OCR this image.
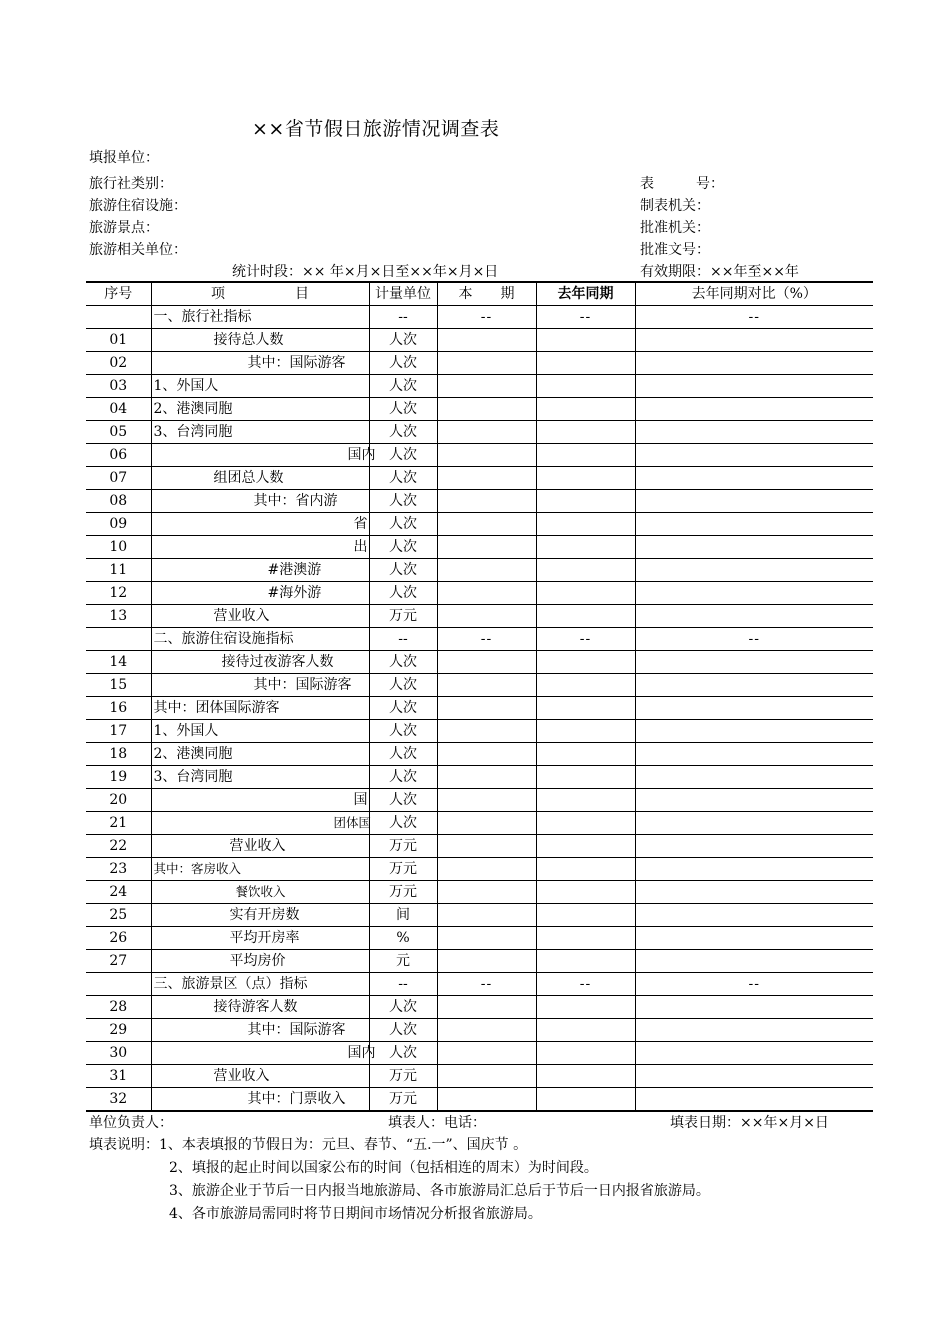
××省节假日旅游情况调查表
填报单位：
旅行社类别：
旅游住宿设施：
旅游景点：
旅游相关单位：
统计时段：×× 年×月×日至××年×月×日
表　　　号：
制表机关：
批准机关：
批准文号：
有效期限：××年至××年
序号	项　　　　　目	计量单位	本　　期	去年同期	去年同期对比（%）
	一、旅行社指标	--	--	--	--
01	接待总人数	人次			
02	其中：国际游客	人次			
03	1、外国人	人次			
04	2、港澳同胞	人次			
05	3、台湾同胞	人次			
06	国内	人次			
07	组团总人数	人次			
08	其中：省内游	人次			
09	省	人次			
10	出	人次			
11	#港澳游	人次			
12	#海外游	人次			
13	营业收入	万元			
	二、旅游住宿设施指标	--	--	--	--
14	接待过夜游客人数	人次			
15	其中：国际游客	人次			
16	其中：团体国际游客	人次			
17	1、外国人	人次			
18	2、港澳同胞	人次			
19	3、台湾同胞	人次			
20	国	人次			
21	团体国	人次			
22	营业收入	万元			
23	其中：客房收入	万元			
24	餐饮收入	万元			
25	实有开房数	间			
26	平均开房率	%			
27	平均房价	元			
	三、旅游景区（点）指标	--	--	--	--
28	接待游客人数	人次			
29	其中：国际游客	人次			
30	国内	人次			
31	营业收入	万元			
32	其中：门票收入	万元			
单位负责人：	填表人：电话：	填表日期：××年×月×日
填表说明：1、本表填报的节假日为：元旦、春节、“五.一”、国庆节 。
2、填报的起止时间以国家公布的时间（包括相连的周末）为时间段。
3、旅游企业于节后一日内报当地旅游局、各市旅游局汇总后于节后一日内报省旅游局。
4、各市旅游局需同时将节日期间市场情况分析报省旅游局。
